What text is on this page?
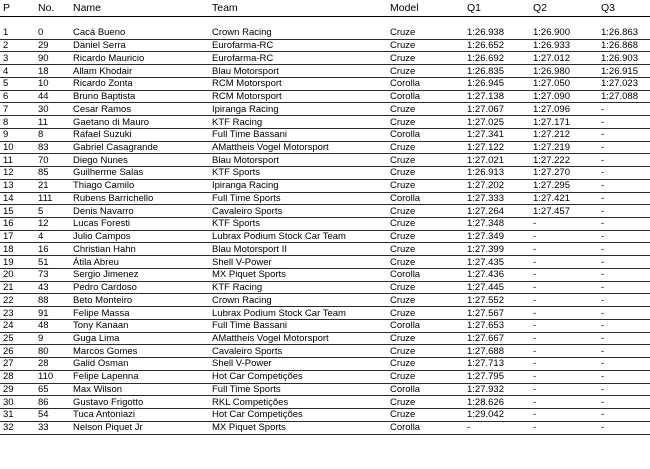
P	No.	Name	Team	Model	Q1	Q2	Q3

1	0	Cacá Bueno	Crown Racing	Cruze	1:26.938	1:26.900	1:26.863
2	29	Daniel Serra	Eurofarma-RC	Cruze	1:26.652	1:26.933	1:26.868
3	90	Ricardo Mauricio	Eurofarma-RC	Cruze	1:26.692	1:27.012	1:26.903
4	18	Allam Khodair	Blau Motorsport	Cruze	1:26.835	1:26.980	1:26.915
5	10	Ricardo Zonta	RCM Motorsport	Corolla	1:26.945	1:27.050	1:27.023
6	44	Bruno Baptista	RCM Motorsport	Corolla	1:27.138	1:27.090	1:27.088
7	30	Cesar Ramos	Ipiranga Racing	Cruze	1:27.067	1:27.096	-
8	11	Gaetano di Mauro	KTF Racing	Cruze	1:27.025	1:27.171	-
9	8	Rafael Suzuki	Full Time Bassani	Corolla	1:27.341	1:27.212	-
10	83	Gabriel Casagrande	AMattheis Vogel Motorsport	Cruze	1:27.122	1:27.219	-
11	70	Diego Nunes	Blau Motorsport	Cruze	1:27.021	1:27.222	-
12	85	Guilherme Salas	KTF Sports	Cruze	1:26.913	1:27.270	-
13	21	Thiago Camilo	Ipiranga Racing	Cruze	1:27.202	1:27.295	-
14	111	Rubens Barrichello	Full Time Sports	Corolla	1:27.333	1:27.421	-
15	5	Denis Navarro	Cavaleiro Sports	Cruze	1:27.264	1:27.457	-
16	12	Lucas Foresti	KTF Sports	Cruze	1:27.348	-	-
17	4	Julio Campos	Lubrax Podium Stock Car Team	Cruze	1:27.349	-	-
18	16	Christian Hahn	Blau Motorsport II	Cruze	1:27.399	-	-
19	51	Átila Abreu	Shell V-Power	Cruze	1:27.435	-	-
20	73	Sergio Jimenez	MX Piquet Sports	Corolla	1:27.436	-	-
21	43	Pedro Cardoso	KTF Racing	Cruze	1:27.445	-	-
22	88	Beto Monteiro	Crown Racing	Cruze	1:27.552	-	-
23	91	Felipe Massa	Lubrax Podium Stock Car Team	Cruze	1:27.567	-	-
24	48	Tony Kanaan	Full Time Bassani	Corolla	1:27.653	-	-
25	9	Guga Lima	AMattheis Vogel Motorsport	Cruze	1:27.667	-	-
26	80	Marcos Gomes	Cavaleiro Sports	Cruze	1:27.688	-	-
27	28	Galid Osman	Shell V-Power	Cruze	1:27.713	-	-
28	110	Felipe Lapenna	Hot Car Competições	Cruze	1:27.795	-	-
29	65	Max Wilson	Full Time Sports	Corolla	1:27.932	-	-
30	86	Gustavo Frigotto	RKL Competições	Cruze	1:28.626	-	-
31	54	Tuca Antoniazi	Hot Car Competições	Cruze	1:29.042	-	-
32	33	Nelson Piquet Jr	MX Piquet Sports	Corolla	-	-	-
